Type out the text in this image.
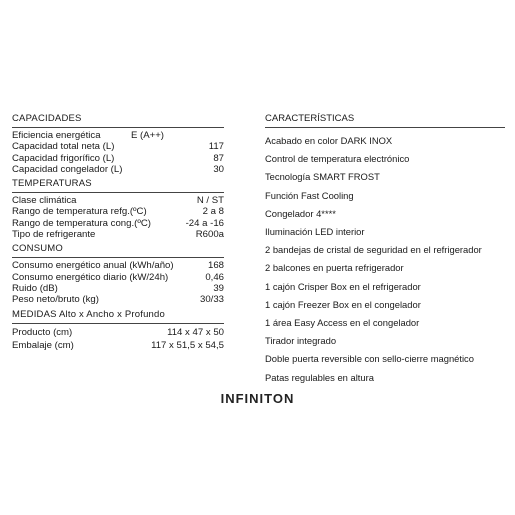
CAPACIDADES
Eficiencia energética	E (A++)
Capacidad total neta (L)	117
Capacidad frigorífico (L)	87
Capacidad congelador (L)	30
TEMPERATURAS
Clase climática	N / ST
Rango de temperatura refg.(ºC)	2 a 8
Rango de temperatura cong.(ºC)	-24 a -16
Tipo de refrigerante	R600a
CONSUMO
Consumo energético anual (kWh/año)	168
Consumo energético diario (kW/24h)	0,46
Ruido (dB)	39
Peso neto/bruto (kg)	30/33
MEDIDAS Alto x Ancho x Profundo
Producto (cm)	114 x 47 x 50
Embalaje (cm)	117 x 51,5 x 54,5
CARACTERÍSTICAS
Acabado en color DARK INOX
Control de temperatura electrónico
Tecnología SMART FROST
Función Fast Cooling
Congelador 4****
Iluminación LED interior
2 bandejas de cristal de seguridad en el refrigerador
2 balcones en puerta refrigerador
1 cajón Crisper Box en el refrigerador
1 cajón Freezer Box en el congelador
1 área Easy Access en el congelador
Tirador integrado
Doble puerta reversible con sello-cierre magnético
Patas regulables en altura
INFINITON
